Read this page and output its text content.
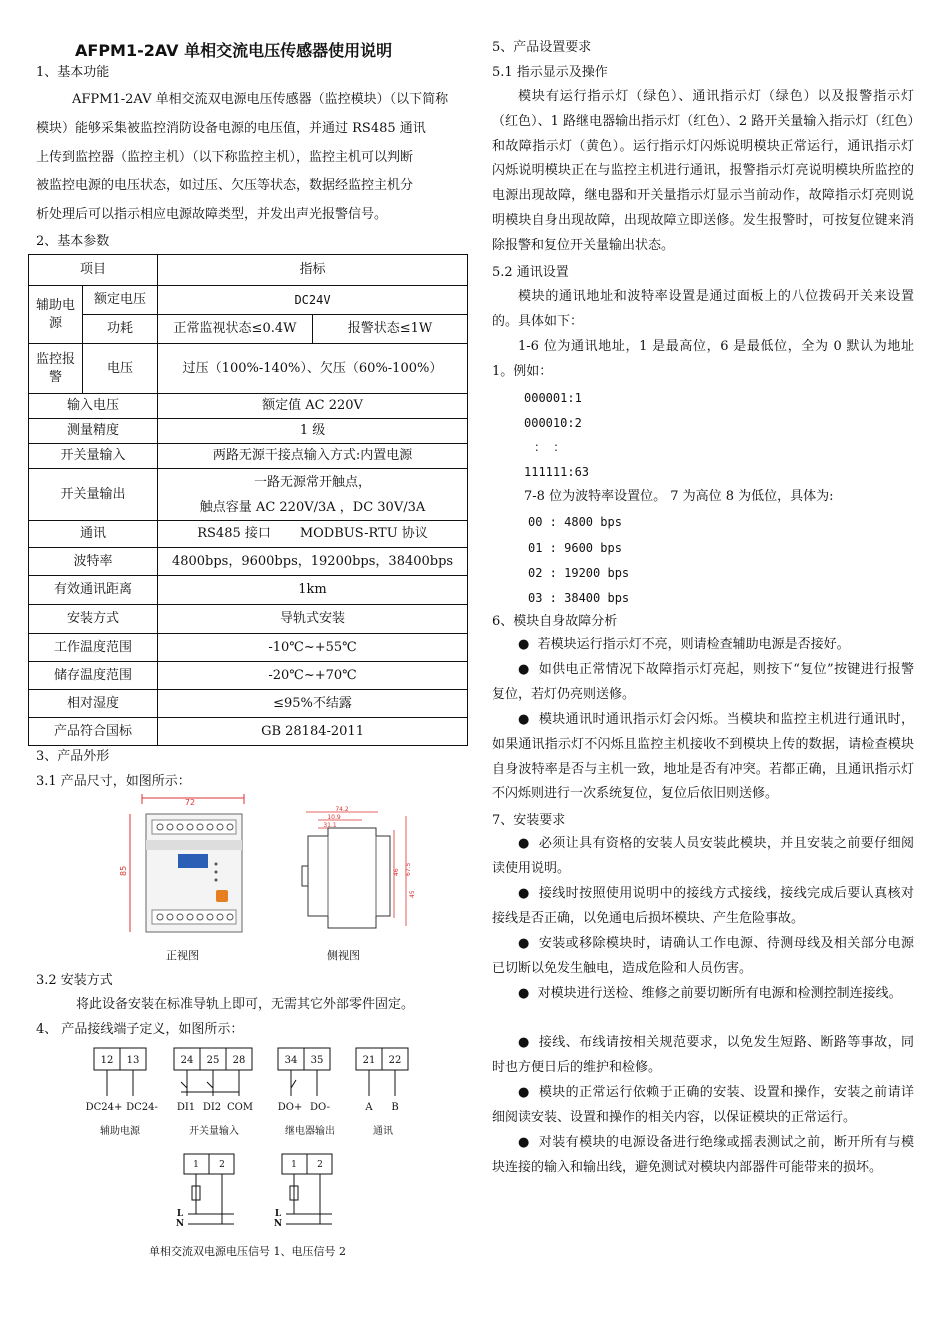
AFPM1-2AV 单相交流电压传感器使用说明
1、基本功能
AFPM1-2AV 单相交流双电源电压传感器（监控模块）（以下简称
模块）能够采集被监控消防设备电源的电压值，并通过 RS485 通讯
上传到监控器（监控主机）（以下称监控主机），监控主机可以判断
被监控电源的电压状态，如过压、欠压等状态，数据经监控主机分
析处理后可以指示相应电源故障类型，并发出声光报警信号。
2、基本参数
项目		指标	
辅助电源	额定电压	DC24V	
	功耗	正常监视状态≤0.4W	报警状态≤1W
监控报警	电压	过压（100%-140%）、欠压（60%-100%）	
输入电压		额定值 AC 220V	
测量精度		1 级	
开关量输入		两路无源干接点输入方式:内置电源	
开关量输出		一路无源常开触点，
触点容量 AC 220V/3A ，DC 30V/3A	

通讯		RS485 接口 MODBUS-RTU 协议	
波特率		4800bps，9600bps，19200bps，38400bps	
有效通讯距离		1km	
安装方式		导轨式安装	
工作温度范围		-10℃~+55℃	
储存温度范围		-20℃~+70℃	
相对湿度		≤95%不结露	
产品符合国标		GB 28184-2011	
3、产品外形
3.1 产品尺寸，如图所示：
72
85
74.2
10.9
31.1
46 67.5
45
正视图	侧视图
3.2 安装方式
将此设备安装在标准导轨上即可，无需其它外部零件固定。
4、 产品接线端子定义，如图所示：
12 13
DC24+ DC24-
24 25 28
DI1 DI2 COM
34 35
DO+ DO-
21 22
A B
辅助电源	开关量输入	继电器输出	通讯
1 2
L
N
1 2
L
N
单相交流双电源电压信号 1、电压信号 2
5、产品设置要求
5.1 指示显示及操作
模块有运行指示灯（绿色）、通讯指示灯（绿色）以及报警指示灯（红色）、1 路继电器输出指示灯（红色）、2 路开关量输入指示灯（红色）和故障指示灯（黄色）。运行指示灯闪烁说明模块正常运行，通讯指示灯闪烁说明模块正在与监控主机进行通讯，报警指示灯亮说明模块所监控的电源出现故障，继电器和开关量指示灯显示当前动作，故障指示灯亮则说明模块自身出现故障，出现故障立即送修。发生报警时，可按复位键来消除报警和复位开关量输出状态。
5.2 通讯设置
模块的通讯地址和波特率设置是通过面板上的八位拨码开关来设置的。具体如下：
1-6 位为通讯地址，1 是最高位，6 是最低位，全为 0 默认为地址 1。例如：
000001:1
000010:2
： ：
111111:63
7-8 位为波特率设置位。 7 为高位 8 为低位，具体为:
00 : 4800 bps
01 : 9600 bps
02 : 19200 bps
03 : 38400 bps
6、模块自身故障分析
● 若模块运行指示灯不亮，则请检查辅助电源是否接好。
● 如供电正常情况下故障指示灯亮起，则按下“复位”按键进行报警复位，若灯仍亮则送修。
● 模块通讯时通讯指示灯会闪烁。当模块和监控主机进行通讯时，如果通讯指示灯不闪烁且监控主机接收不到模块上传的数据，请检查模块自身波特率是否与主机一致，地址是否有冲突。若都正确，且通讯指示灯不闪烁则进行一次系统复位，复位后依旧则送修。
7、安装要求
● 必须让具有资格的安装人员安装此模块，并且安装之前要仔细阅读使用说明。
● 接线时按照使用说明中的接线方式接线，接线完成后要认真核对接线是否正确，以免通电后损坏模块、产生危险事故。
● 安装或移除模块时，请确认工作电源、待测母线及相关部分电源已切断以免发生触电，造成危险和人员伤害。
● 对模块进行送检、维修之前要切断所有电源和检测控制连接线。
● 接线、布线请按相关规范要求，以免发生短路、断路等事故，同时也方便日后的维护和检修。
● 模块的正常运行依赖于正确的安装、设置和操作，安装之前请详细阅读安装、设置和操作的相关内容，以保证模块的正常运行。
● 对装有模块的电源设备进行绝缘或摇表测试之前，断开所有与模块连接的输入和输出线，避免测试对模块内部器件可能带来的损坏。
